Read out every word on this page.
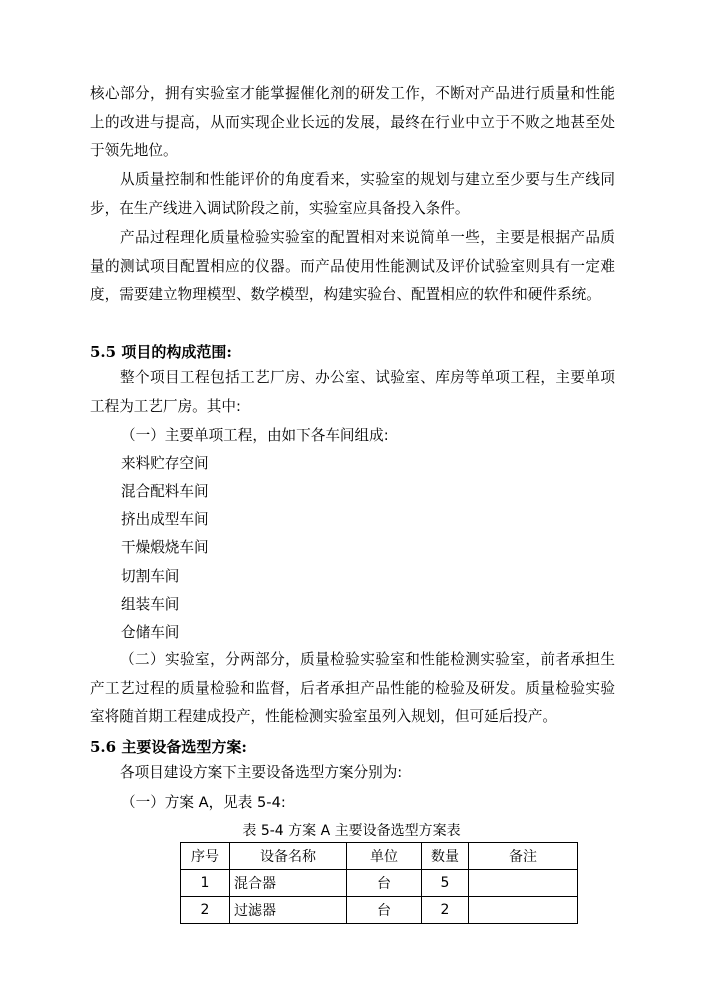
核心部分，拥有实验室才能掌握催化剂的研发工作，不断对产品进行质量和性能上的改进与提高，从而实现企业长远的发展，最终在行业中立于不败之地甚至处于领先地位。
从质量控制和性能评价的角度看来，实验室的规划与建立至少要与生产线同步，在生产线进入调试阶段之前，实验室应具备投入条件。
产品过程理化质量检验实验室的配置相对来说简单一些，主要是根据产品质量的测试项目配置相应的仪器。而产品使用性能测试及评价试验室则具有一定难度，需要建立物理模型、数学模型，构建实验台、配置相应的软件和硬件系统。
5.5 项目的构成范围:
整个项目工程包括工艺厂房、办公室、试验室、库房等单项工程，主要单项工程为工艺厂房。其中:
（一）主要单项工程，由如下各车间组成:
来料贮存空间
混合配料车间
挤出成型车间
干燥煅烧车间
切割车间
组装车间
仓储车间
（二）实验室，分两部分，质量检验实验室和性能检测实验室，前者承担生产工艺过程的质量检验和监督，后者承担产品性能的检验及研发。质量检验实验室将随首期工程建成投产，性能检测实验室虽列入规划，但可延后投产。
5.6 主要设备选型方案:
各项目建设方案下主要设备选型方案分别为:
（一）方案 A，见表 5-4:
表 5-4 方案 A 主要设备选型方案表
序号	设备名称	单位	数量	备注
1	混合器	台	5	
2	过滤器	台	2	
